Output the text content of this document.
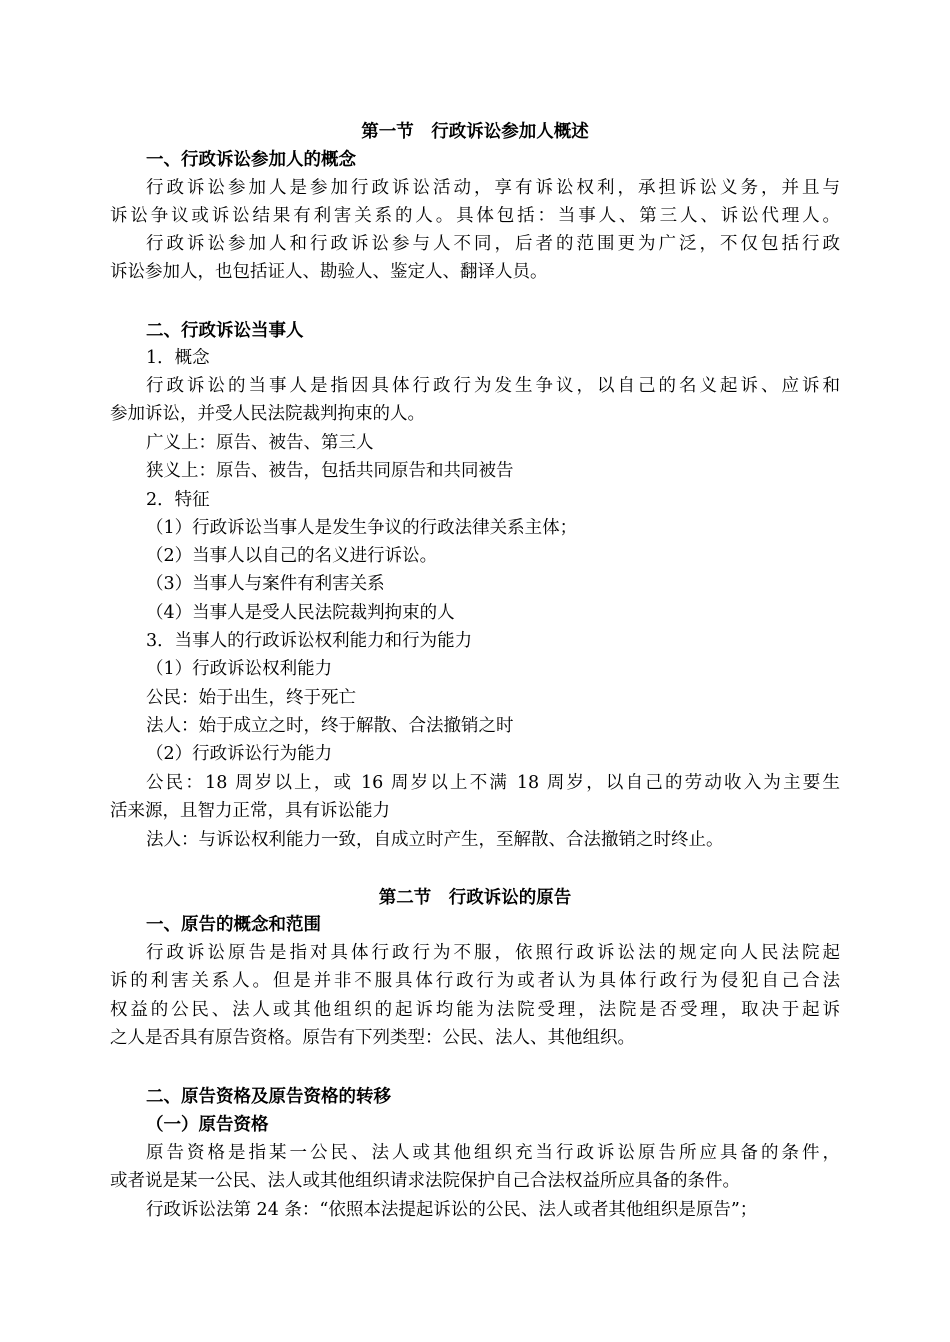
第一节　行政诉讼参加人概述
一、行政诉讼参加人的概念
行政诉讼参加人是参加行政诉讼活动，享有诉讼权利，承担诉讼义务，并且与
诉讼争议或诉讼结果有利害关系的人。具体包括：当事人、第三人、诉讼代理人。
行政诉讼参加人和行政诉讼参与人不同，后者的范围更为广泛，不仅包括行政
诉讼参加人，也包括证人、勘验人、鉴定人、翻译人员。
二、行政诉讼当事人
1．概念
行政诉讼的当事人是指因具体行政行为发生争议，以自己的名义起诉、应诉和
参加诉讼，并受人民法院裁判拘束的人。
广义上：原告、被告、第三人
狭义上：原告、被告，包括共同原告和共同被告
2．特征
（1）行政诉讼当事人是发生争议的行政法律关系主体；
（2）当事人以自己的名义进行诉讼。
（3）当事人与案件有利害关系
（4）当事人是受人民法院裁判拘束的人
3．当事人的行政诉讼权利能力和行为能力
（1）行政诉讼权利能力
公民：始于出生，终于死亡
法人：始于成立之时，终于解散、合法撤销之时
（2）行政诉讼行为能力
公民：18 周岁以上，或 16 周岁以上不满 18 周岁，以自己的劳动收入为主要生
活来源，且智力正常，具有诉讼能力
法人：与诉讼权利能力一致，自成立时产生，至解散、合法撤销之时终止。
第二节　行政诉讼的原告
一、原告的概念和范围
行政诉讼原告是指对具体行政行为不服，依照行政诉讼法的规定向人民法院起
诉的利害关系人。但是并非不服具体行政行为或者认为具体行政行为侵犯自己合法
权益的公民、法人或其他组织的起诉均能为法院受理，法院是否受理，取决于起诉
之人是否具有原告资格。原告有下列类型：公民、法人、其他组织。
二、原告资格及原告资格的转移
（一）原告资格
原告资格是指某一公民、法人或其他组织充当行政诉讼原告所应具备的条件，
或者说是某一公民、法人或其他组织请求法院保护自己合法权益所应具备的条件。
行政诉讼法第 24 条：“依照本法提起诉讼的公民、法人或者其他组织是原告”；
